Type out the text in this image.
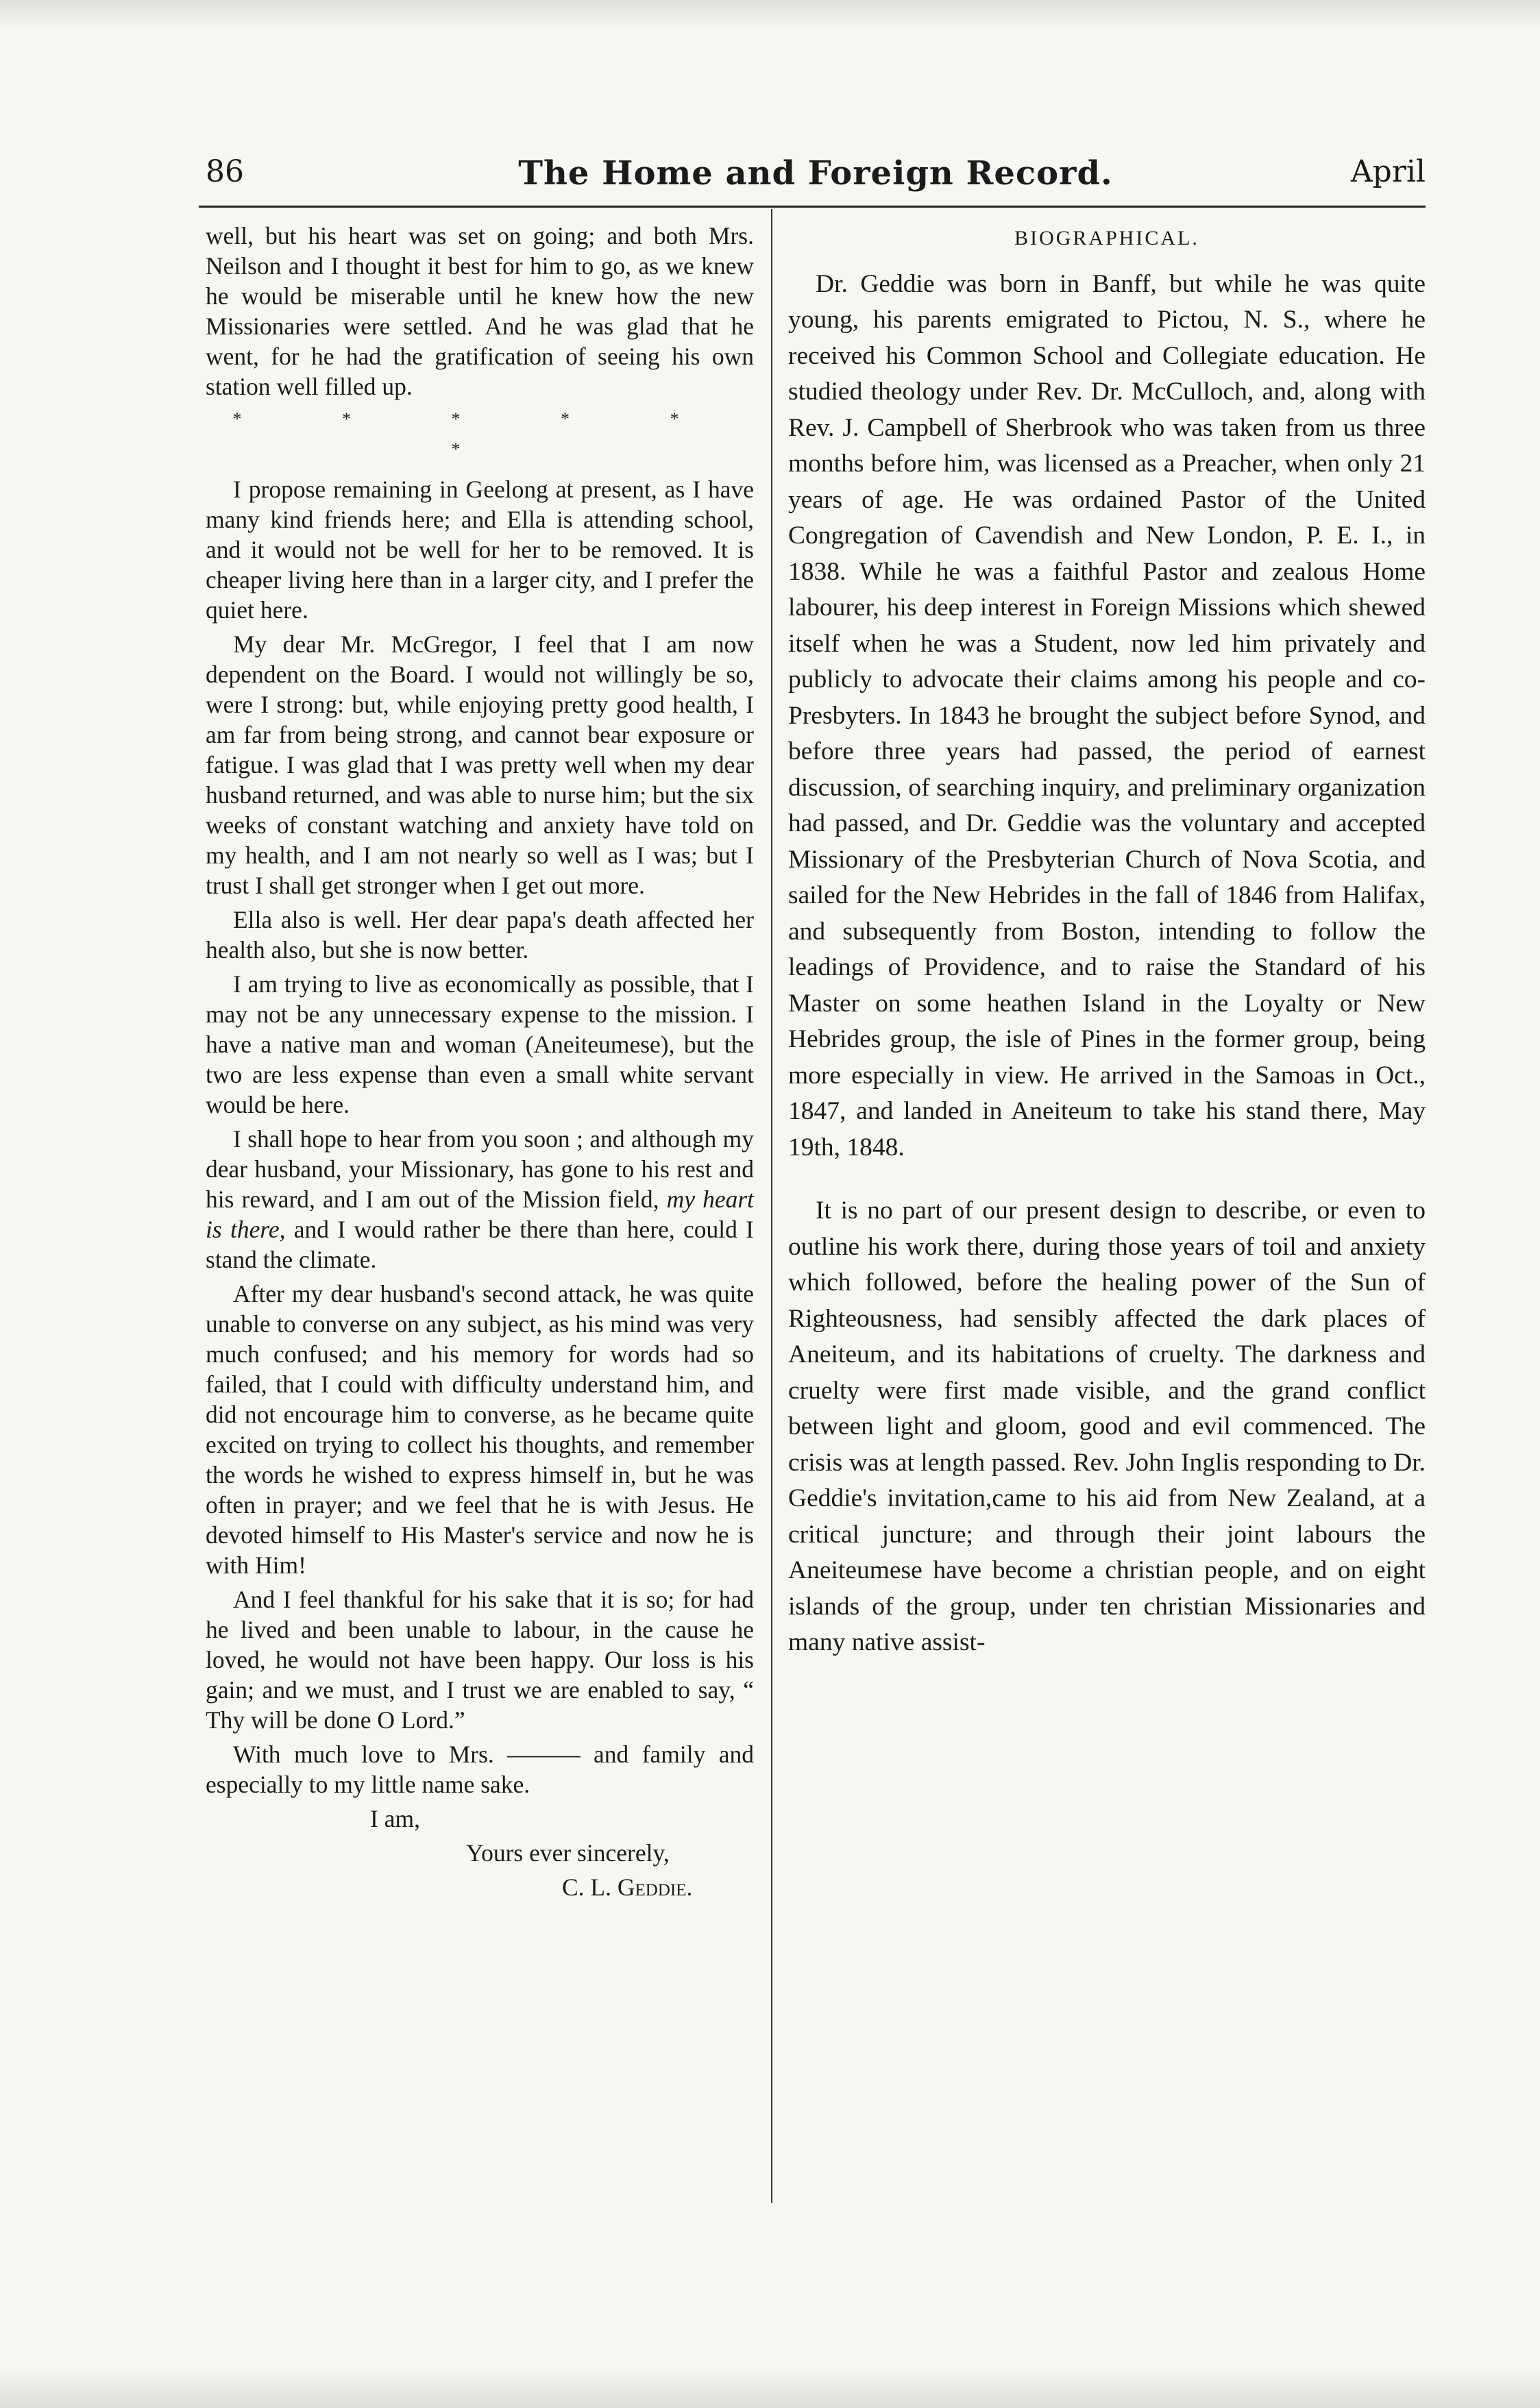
86	The Home and Foreign Record.	April

well, but his heart was set on going; and both Mrs. Neilson and I thought it best for him to go, as we knew he would be miserable until he knew how the new Missionaries were settled. And he was glad that he went, for he had the gratification of seeing his own station well filled up.

* * * * * *

I propose remaining in Geelong at present, as I have many kind friends here; and Ella is attending school, and it would not be well for her to be removed. It is cheaper living here than in a larger city, and I prefer the quiet here.

My dear Mr. McGregor, I feel that I am now dependent on the Board. I would not willingly be so, were I strong: but, while enjoying pretty good health, I am far from being strong, and cannot bear exposure or fatigue. I was glad that I was pretty well when my dear husband returned, and was able to nurse him; but the six weeks of constant watching and anxiety have told on my health, and I am not nearly so well as I was; but I trust I shall get stronger when I get out more.

Ella also is well. Her dear papa's death affected her health also, but she is now better.

I am trying to live as economically as possible, that I may not be any unnecessary expense to the mission. I have a native man and woman (Aneiteumese), but the two are less expense than even a small white servant would be here.

I shall hope to hear from you soon ; and although my dear husband, your Missionary, has gone to his rest and his reward, and I am out of the Mission field, my heart is there, and I would rather be there than here, could I stand the climate.

After my dear husband's second attack, he was quite unable to converse on any subject, as his mind was very much confused; and his memory for words had so failed, that I could with difficulty understand him, and did not encourage him to converse, as he became quite excited on trying to collect his thoughts, and remember the words he wished to express himself in, but he was often in prayer; and we feel that he is with Jesus. He devoted himself to His Master's service and now he is with Him!

And I feel thankful for his sake that it is so; for had he lived and been unable to labour, in the cause he loved, he would not have been happy. Our loss is his gain; and we must, and I trust we are enabled to say, “ Thy will be done O Lord.”

With much love to Mrs. ——— and family and especially to my little name sake.

I am,

Yours ever sincerely,

C. L. Geddie.

BIOGRAPHICAL.

Dr. Geddie was born in Banff, but while he was quite young, his parents emigrated to Pictou, N. S., where he received his Common School and Collegiate education. He studied theology under Rev. Dr. McCulloch, and, along with Rev. J. Campbell of Sherbrook who was taken from us three months before him, was licensed as a Preacher, when only 21 years of age. He was ordained Pastor of the United Congregation of Cavendish and New London, P. E. I., in 1838. While he was a faithful Pastor and zealous Home labourer, his deep interest in Foreign Missions which shewed itself when he was a Student, now led him privately and publicly to advocate their claims among his people and co-Presbyters. In 1843 he brought the subject before Synod, and before three years had passed, the period of earnest discussion, of searching inquiry, and preliminary organization had passed, and Dr. Geddie was the voluntary and accepted Missionary of the Presbyterian Church of Nova Scotia, and sailed for the New Hebrides in the fall of 1846 from Halifax, and subsequently from Boston, intending to follow the leadings of Providence, and to raise the Standard of his Master on some heathen Island in the Loyalty or New Hebrides group, the isle of Pines in the former group, being more especially in view. He arrived in the Samoas in Oct., 1847, and landed in Aneiteum to take his stand there, May 19th, 1848.

It is no part of our present design to describe, or even to outline his work there, during those years of toil and anxiety which followed, before the healing power of the Sun of Righteousness, had sensibly affected the dark places of Aneiteum, and its habitations of cruelty. The darkness and cruelty were first made visible, and the grand conflict between light and gloom, good and evil commenced. The crisis was at length passed. Rev. John Inglis responding to Dr. Geddie's invitation,came to his aid from New Zealand, at a critical juncture; and through their joint labours the Aneiteumese have become a christian people, and on eight islands of the group, under ten christian Missionaries and many native assist-
